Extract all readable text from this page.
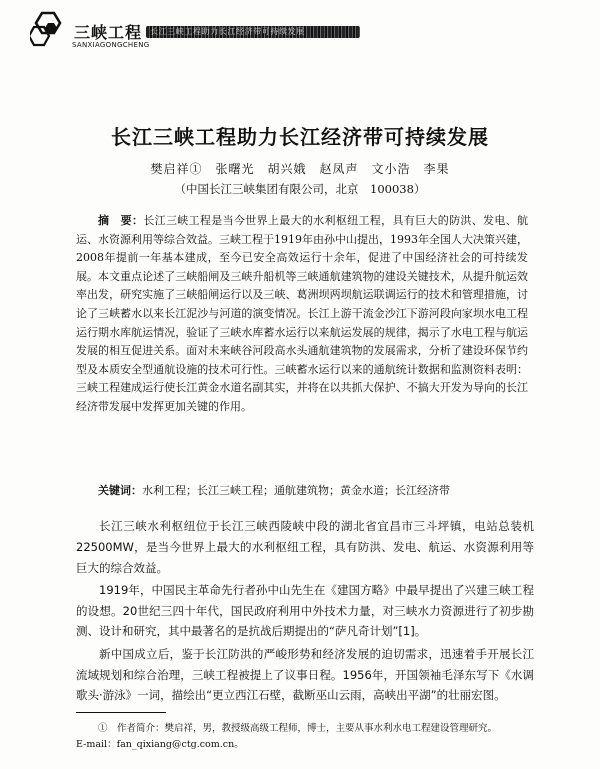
三峡工程
SANXIAGONGCHENG
长江三峡工程助力长江经济带可持续发展
长江三峡工程助力长江经济带可持续发展
樊启祥①　张曙光　胡兴娥　赵凤声　文小浩　李果
（中国长江三峡集团有限公司，北京　100038）
摘　要：长江三峡工程是当今世界上最大的水利枢纽工程，具有巨大的防洪、发电、航运、水资源利用等综合效益。三峡工程于1919年由孙中山提出，1993年全国人大决策兴建，2008年提前一年基本建成，至今已安全高效运行十余年，促进了中国经济社会的可持续发展。本文重点论述了三峡船闸及三峡升船机等三峡通航建筑物的建设关键技术，从提升航运效率出发，研究实施了三峡船闸运行以及三峡、葛洲坝两坝航运联调运行的技术和管理措施，讨论了三峡蓄水以来长江泥沙与河道的演变情况。长江上游干流金沙江下游河段向家坝水电工程运行期水库航运情况，验证了三峡水库蓄水运行以来航运发展的规律，揭示了水电工程与航运发展的相互促进关系。面对未来峡谷河段高水头通航建筑物的发展需求，分析了建设环保节约型及本质安全型通航设施的技术可行性。三峡蓄水运行以来的通航统计数据和监测资料表明：三峡工程建成运行使长江黄金水道名副其实，并将在以共抓大保护、不搞大开发为导向的长江经济带发展中发挥更加关键的作用。
关键词：水利工程；长江三峡工程；通航建筑物；黄金水道；长江经济带

长江三峡水利枢纽位于长江三峡西陵峡中段的湖北省宜昌市三斗坪镇，电站总装机22500MW，是当今世界上最大的水利枢纽工程，具有防洪、发电、航运、水资源利用等巨大的综合效益。

1919年，中国民主革命先行者孙中山先生在《建国方略》中最早提出了兴建三峡工程的设想。20世纪三四十年代，国民政府利用中外技术力量，对三峡水力资源进行了初步勘测、设计和研究，其中最著名的是抗战后期提出的“萨凡奇计划”[1]。

新中国成立后，鉴于长江防洪的严峻形势和经济发展的迫切需求，迅速着手开展长江流域规划和综合治理，三峡工程被提上了议事日程。1956年，开国领袖毛泽东写下《水调歌头·游泳》一词，描绘出“更立西江石壁，截断巫山云雨，高峡出平湖”的壮丽宏图。

①　作者简介：樊启祥，男，教授级高级工程师，博士，主要从事水利水电工程建设管理研究。
E-mail：fan_qixiang@ctg.com.cn。
